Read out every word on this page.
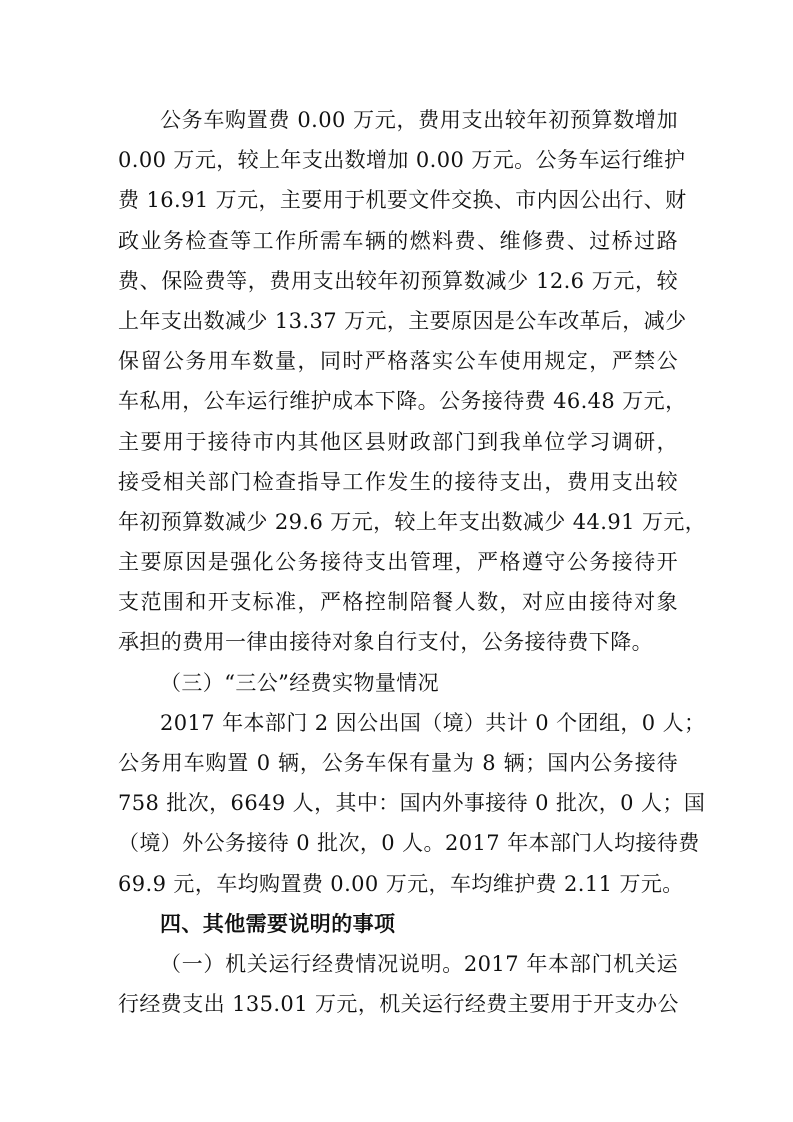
公务车购置费 0.00 万元，费用支出较年初预算数增加
0.00 万元，较上年支出数增加 0.00 万元。公务车运行维护
费 16.91 万元，主要用于机要文件交换、市内因公出行、财
政业务检查等工作所需车辆的燃料费、维修费、过桥过路
费、保险费等，费用支出较年初预算数减少 12.6 万元，较
上年支出数减少 13.37 万元，主要原因是公车改革后，减少
保留公务用车数量，同时严格落实公车使用规定，严禁公
车私用，公车运行维护成本下降。公务接待费 46.48 万元，
主要用于接待市内其他区县财政部门到我单位学习调研，
接受相关部门检查指导工作发生的接待支出，费用支出较
年初预算数减少 29.6 万元，较上年支出数减少 44.91 万元，
主要原因是强化公务接待支出管理，严格遵守公务接待开
支范围和开支标准，严格控制陪餐人数，对应由接待对象
承担的费用一律由接待对象自行支付，公务接待费下降。
（三）“三公”经费实物量情况
2017 年本部门 2 因公出国（境）共计 0 个团组，0 人；
公务用车购置 0 辆，公务车保有量为 8 辆；国内公务接待
758 批次，6649 人，其中：国内外事接待 0 批次，0 人；国
（境）外公务接待 0 批次，0 人。2017 年本部门人均接待费
69.9 元，车均购置费 0.00 万元，车均维护费 2.11 万元。
四、其他需要说明的事项
（一）机关运行经费情况说明。2017 年本部门机关运
行经费支出 135.01 万元，机关运行经费主要用于开支办公
